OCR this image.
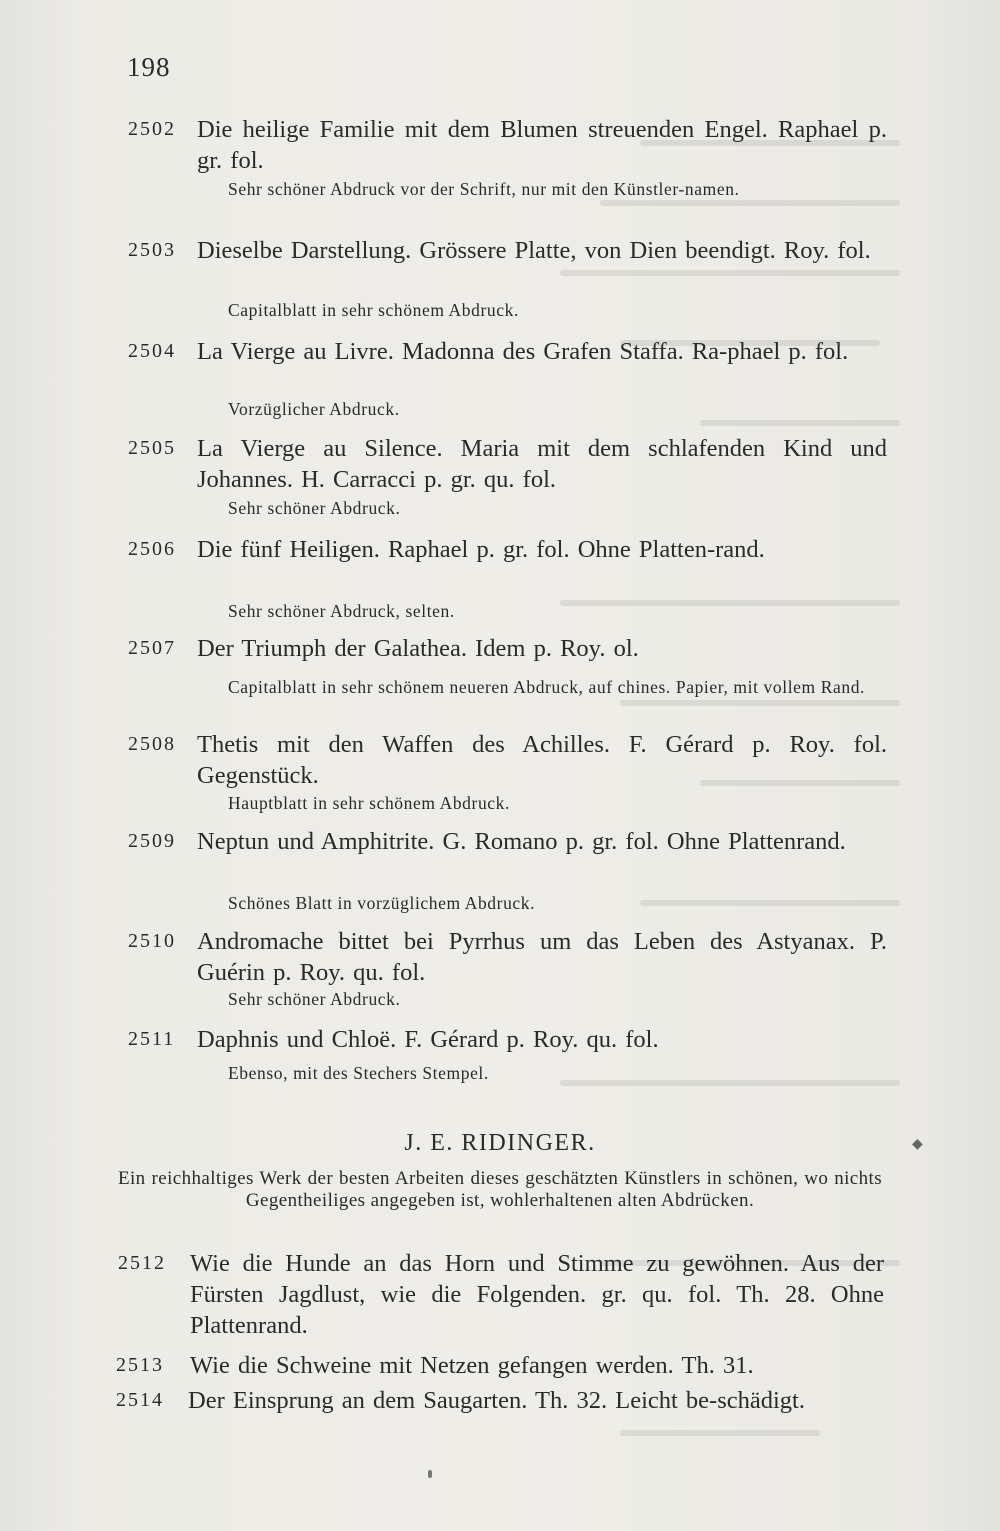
198
2502 Die heilige Familie mit dem Blumen streuenden Engel. Raphael p. gr. fol.
Sehr schöner Abdruck vor der Schrift, nur mit den Künstler-namen.
2503 Dieselbe Darstellung. Grössere Platte, von Dien beendigt. Roy. fol.
Capitalblatt in sehr schönem Abdruck.
2504 La Vierge au Livre. Madonna des Grafen Staffa. Ra-phael p. fol.
Vorzüglicher Abdruck.
2505 La Vierge au Silence. Maria mit dem schlafenden Kind und Johannes. H. Carracci p. gr. qu. fol.
Sehr schöner Abdruck.
2506 Die fünf Heiligen. Raphael p. gr. fol. Ohne Platten-rand.
Sehr schöner Abdruck, selten.
2507 Der Triumph der Galathea. Idem p. Roy. ol.
Capitalblatt in sehr schönem neueren Abdruck, auf chines. Papier, mit vollem Rand.
2508 Thetis mit den Waffen des Achilles. F. Gérard p. Roy. fol. Gegenstück.
Hauptblatt in sehr schönem Abdruck.
2509 Neptun und Amphitrite. G. Romano p. gr. fol. Ohne Plattenrand.
Schönes Blatt in vorzüglichem Abdruck.
2510 Andromache bittet bei Pyrrhus um das Leben des Astyanax. P. Guérin p. Roy. qu. fol.
Sehr schöner Abdruck.
2511 Daphnis und Chloë. F. Gérard p. Roy. qu. fol.
Ebenso, mit des Stechers Stempel.
J. E. RIDINGER.	◆
Ein reichhaltiges Werk der besten Arbeiten dieses geschätzten Künstlers in schönen, wo nichts Gegentheiliges angegeben ist, wohlerhaltenen alten Abdrücken.
2512 Wie die Hunde an das Horn und Stimme zu gewöhnen. Aus der Fürsten Jagdlust, wie die Folgenden. gr. qu. fol. Th. 28. Ohne Plattenrand.
2513 Wie die Schweine mit Netzen gefangen werden. Th. 31.
2514 Der Einsprung an dem Saugarten. Th. 32. Leicht be-schädigt.
